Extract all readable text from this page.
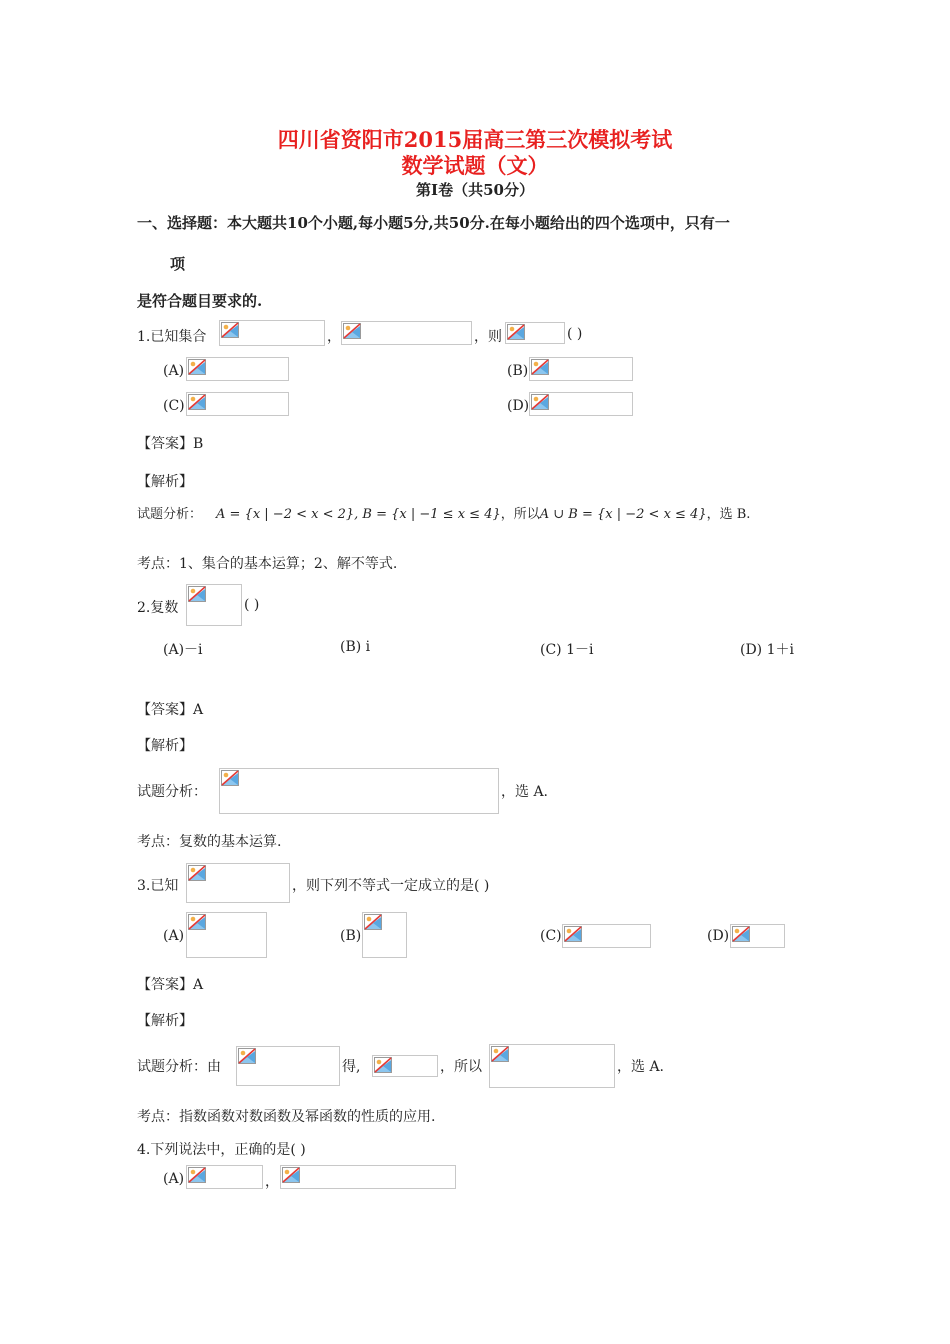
四川省资阳市2015届高三第三次模拟考试
数学试题（文）
第Ⅰ卷（共50分）
一、选择题：本大题共10个小题,每小题5分,共50分.在每小题给出的四个选项中，只有一
项
是符合题目要求的.
1.已知集合	，	，则	( )
(A)	(B)
(C)	(D)
【答案】B
【解析】
试题分析： A = {x | −2 < x < 2}, B = {x | −1 ≤ x ≤ 4}，所以A ∪ B = {x | −2 < x ≤ 4}，选 B.
考点：1、集合的基本运算；2、解不等式.
2.复数	( )
(A)－i	(B) i	(C) 1－i	(D) 1＋i
【答案】A
【解析】
试题分析：	，选 A.
考点：复数的基本运算.
3.已知	，则下列不等式一定成立的是( )
(A)	(B)	(C)	(D)
【答案】A
【解析】
试题分析：由	得,	，所以	，选 A.
考点：指数函数对数函数及幂函数的性质的应用.
4.下列说法中，正确的是( )
(A)	，
